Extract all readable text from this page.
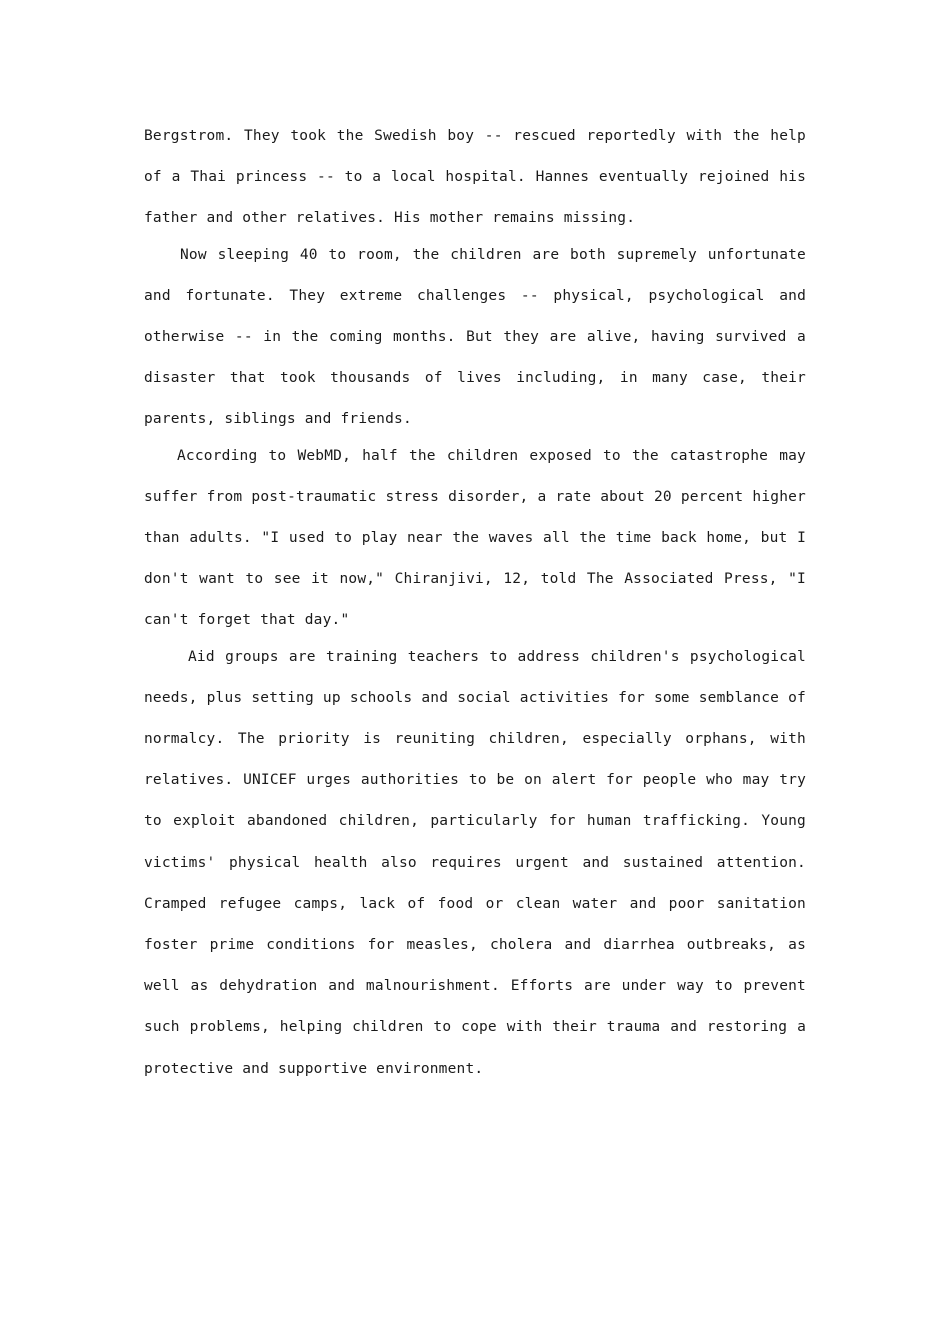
Bergstrom. They took the Swedish boy -- rescued reportedly with the help of a Thai princess -- to a local hospital. Hannes eventually rejoined his father and other relatives. His mother remains missing.

Now sleeping 40 to room, the children are both supremely unfortunate and fortunate. They extreme challenges -- physical, psychological and otherwise -- in the coming months. But they are alive, having survived a disaster that took thousands of lives including, in many case, their parents, siblings and friends.

According to WebMD, half the children exposed to the catastrophe may suffer from post-traumatic stress disorder, a rate about 20 percent higher than adults. "I used to play near the waves all the time back home, but I don't want to see it now," Chiranjivi, 12, told The Associated Press, "I can't forget that day."

Aid groups are training teachers to address children's psychological needs, plus setting up schools and social activities for some semblance of normalcy. The priority is reuniting children, especially orphans, with relatives. UNICEF urges authorities to be on alert for people who may try to exploit abandoned children, particularly for human trafficking. Young victims' physical health also requires urgent and sustained attention. Cramped refugee camps, lack of food or clean water and poor sanitation foster prime conditions for measles, cholera and diarrhea outbreaks, as well as dehydration and malnourishment. Efforts are under way to prevent such problems, helping children to cope with their trauma and restoring a protective and supportive environment.
